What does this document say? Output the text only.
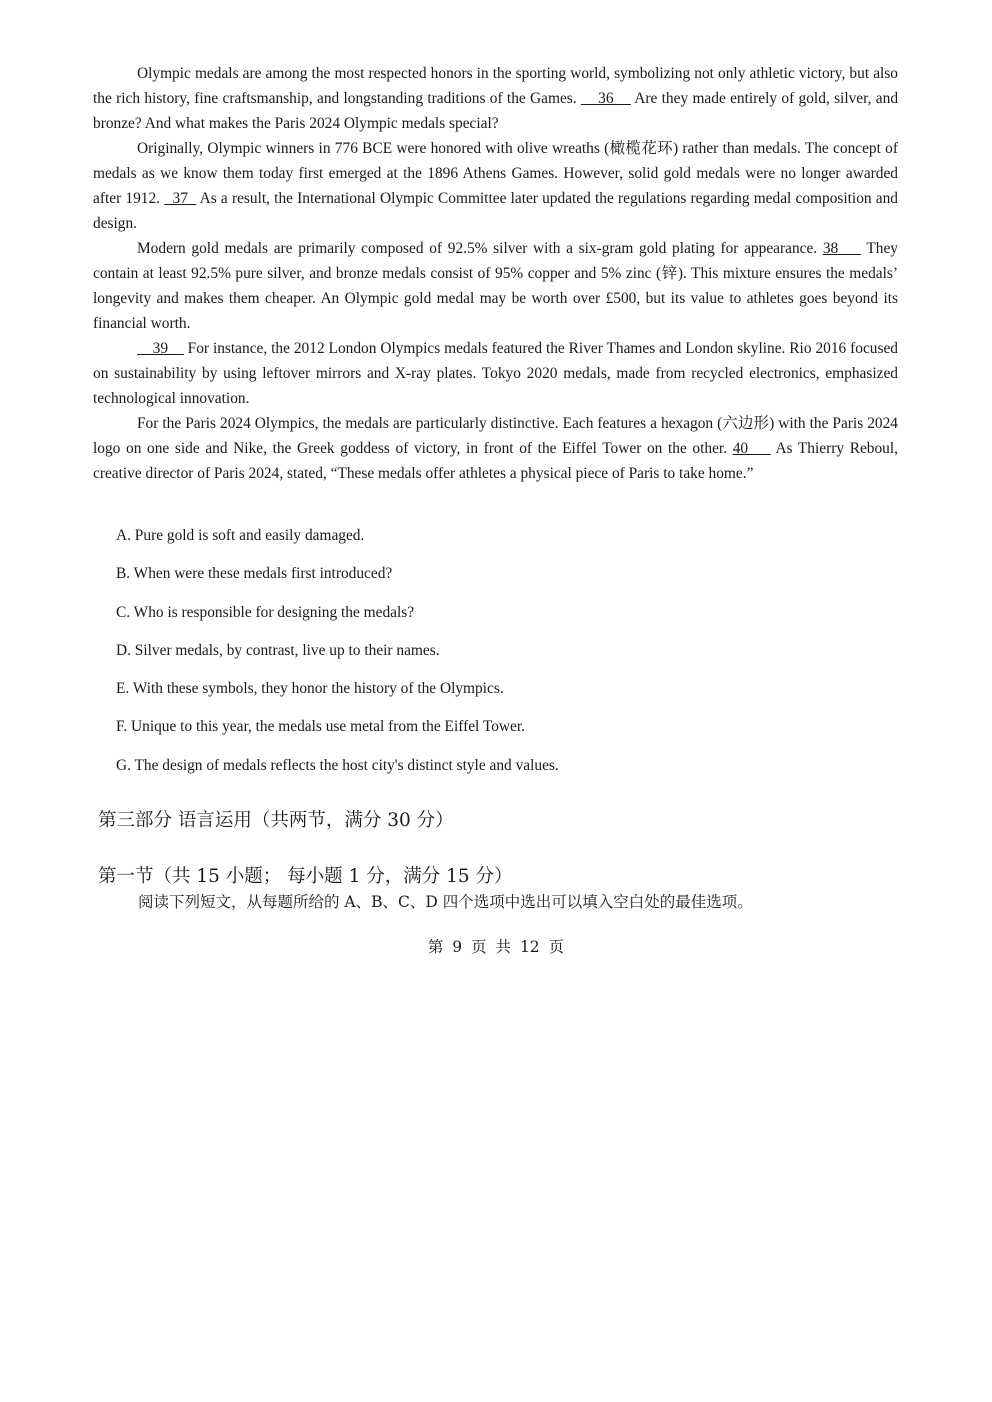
Olympic medals are among the most respected honors in the sporting world, symbolizing not only athletic victory, but also the rich history, fine craftsmanship, and longstanding traditions of the Games.     36     Are they made entirely of gold, silver, and bronze? And what makes the Paris 2024 Olympic medals special?

Originally, Olympic winners in 776 BCE were honored with olive wreaths (橄榄花环) rather than medals. The concept of medals as we know them today first emerged at the 1896 Athens Games. However, solid gold medals were no longer awarded after 1912.   37   As a result, the International Olympic Committee later updated the regulations regarding medal composition and design.

Modern gold medals are primarily composed of 92.5% silver with a six-gram gold plating for appearance. 38     They contain at least 92.5% pure silver, and bronze medals consist of 95% copper and 5% zinc (锌). This mixture ensures the medals’ longevity and makes them cheaper. An Olympic gold medal may be worth over £500, but its value to athletes goes beyond its financial worth.

39     For instance, the 2012 London Olympics medals featured the River Thames and London skyline. Rio 2016 focused on sustainability by using leftover mirrors and X-ray plates. Tokyo 2020 medals, made from recycled electronics, emphasized technological innovation.

For the Paris 2024 Olympics, the medals are particularly distinctive. Each features a hexagon (六边形) with the Paris 2024 logo on one side and Nike, the Greek goddess of victory, in front of the Eiffel Tower on the other. 40     As Thierry Reboul, creative director of Paris 2024, stated, “These medals offer athletes a physical piece of Paris to take home.”

A. Pure gold is soft and easily damaged.
B. When were these medals first introduced?
C. Who is responsible for designing the medals?
D. Silver medals, by contrast, live up to their names.
E. With these symbols, they honor the history of the Olympics.
F. Unique to this year, the medals use metal from the Eiffel Tower.
G. The design of medals reflects the host city's distinct style and values.
第三部分 语言运用（共两节，满分 30 分）
第一节（共 15 小题； 每小题 1 分，满分 15 分）
阅读下列短文，从每题所给的 A、B、C、D 四个选项中选出可以填入空白处的最佳选项。
第 9 页 共 12 页
